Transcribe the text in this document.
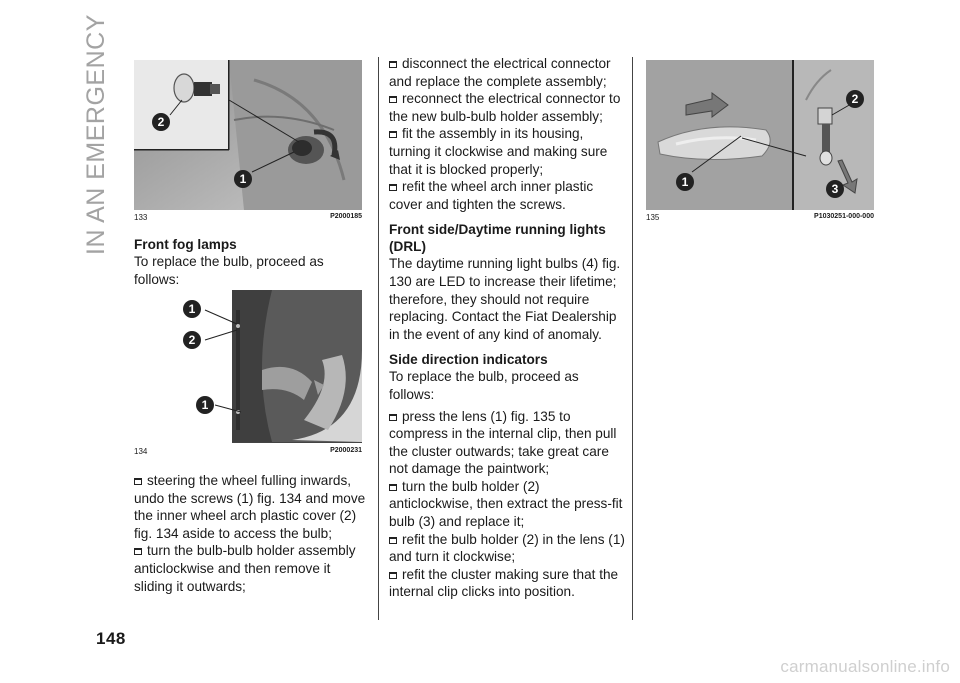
IN AN EMERGENCY	2
1
133	P2000185
Front fog lamps

To replace the bulb, proceed as follows:

1
2
1
134	P2000231

steering the wheel fulling inwards, undo the screws (1) fig. 134 and move the inner wheel arch plastic cover (2) fig. 134 aside to access the bulb;

turn the bulb-bulb holder assembly anticlockwise and then remove it sliding it outwards;

disconnect the electrical connector and replace the complete assembly;

reconnect the electrical connector to the new bulb-bulb holder assembly;

fit the assembly in its housing, turning it clockwise and making sure that it is blocked properly;

refit the wheel arch inner plastic cover and tighten the screws.

Front side/Daytime running lights (DRL)

The daytime running light bulbs (4) fig. 130 are LED to increase their lifetime; therefore, they should not require replacing. Contact the Fiat Dealership in the event of any kind of anomaly.

Side direction indicators

To replace the bulb, proceed as follows:

press the lens (1) fig. 135 to compress in the internal clip, then pull the cluster outwards; take great care not damage the paintwork;

turn the bulb holder (2) anticlockwise, then extract the press-fit bulb (3) and replace it;

refit the bulb holder (2) in the lens (1) and turn it clockwise;

refit the cluster making sure that the internal clip clicks into position.

2
1	3
135	P1030251-000-000
148
carmanualsonline.info
